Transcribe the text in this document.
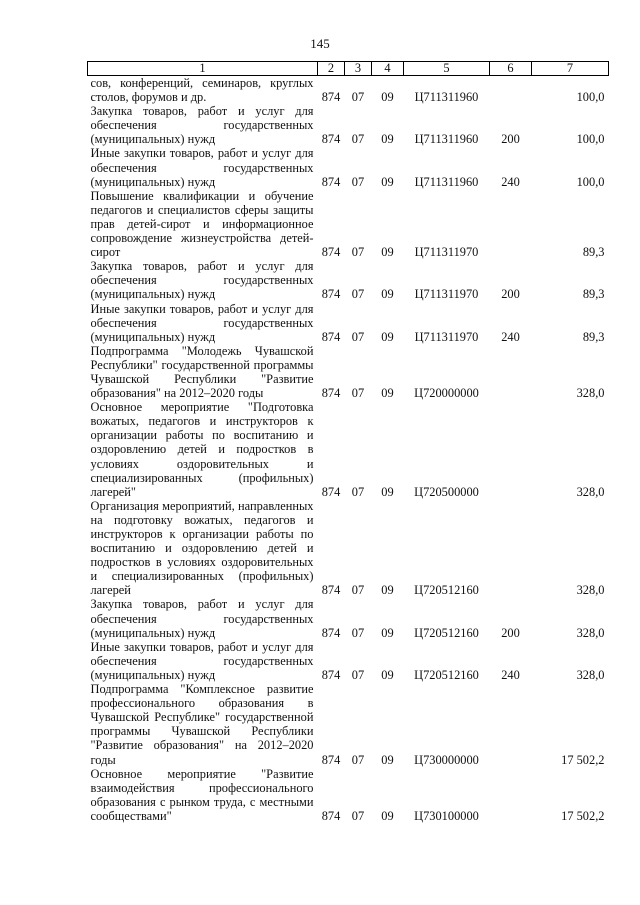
145
1	2	3	4	5	6	7
сов, конференций, семинаров, круглых столов, форумов и др.	874	07	09	Ц711311960		100,0
Закупка товаров, работ и услуг для обеспечения государственных (муниципальных) нужд	874	07	09	Ц711311960	200	100,0
Иные закупки товаров, работ и услуг для обеспечения государственных (муниципальных) нужд	874	07	09	Ц711311960	240	100,0
Повышение квалификации и обучение педагогов и специалистов сферы защиты прав детей-сирот и информационное сопровождение жизнеустройства детей-сирот	874	07	09	Ц711311970		89,3
Закупка товаров, работ и услуг для обеспечения государственных (муниципальных) нужд	874	07	09	Ц711311970	200	89,3
Иные закупки товаров, работ и услуг для обеспечения государственных (муниципальных) нужд	874	07	09	Ц711311970	240	89,3
Подпрограмма "Молодежь Чувашской Республики" государственной программы Чувашской Республики "Развитие образования" на 2012–2020 годы	874	07	09	Ц720000000		328,0
Основное мероприятие "Подготовка вожатых, педагогов и инструкторов к организации работы по воспитанию и оздоровлению детей и подростков в условиях оздоровительных и специализированных (профильных) лагерей"	874	07	09	Ц720500000		328,0
Организация мероприятий, направленных на подготовку вожатых, педагогов и инструкторов к организации работы по воспитанию и оздоровлению детей и подростков в условиях оздоровительных и специализированных (профильных) лагерей	874	07	09	Ц720512160		328,0
Закупка товаров, работ и услуг для обеспечения государственных (муниципальных) нужд	874	07	09	Ц720512160	200	328,0
Иные закупки товаров, работ и услуг для обеспечения государственных (муниципальных) нужд	874	07	09	Ц720512160	240	328,0
Подпрограмма "Комплексное развитие профессионального образования в Чувашской Республике" государственной программы Чувашской Республики "Развитие образования" на 2012–2020 годы	874	07	09	Ц730000000		17 502,2
Основное мероприятие "Развитие взаимодействия профессионального образования с рынком труда, с местными сообществами"	874	07	09	Ц730100000		17 502,2
